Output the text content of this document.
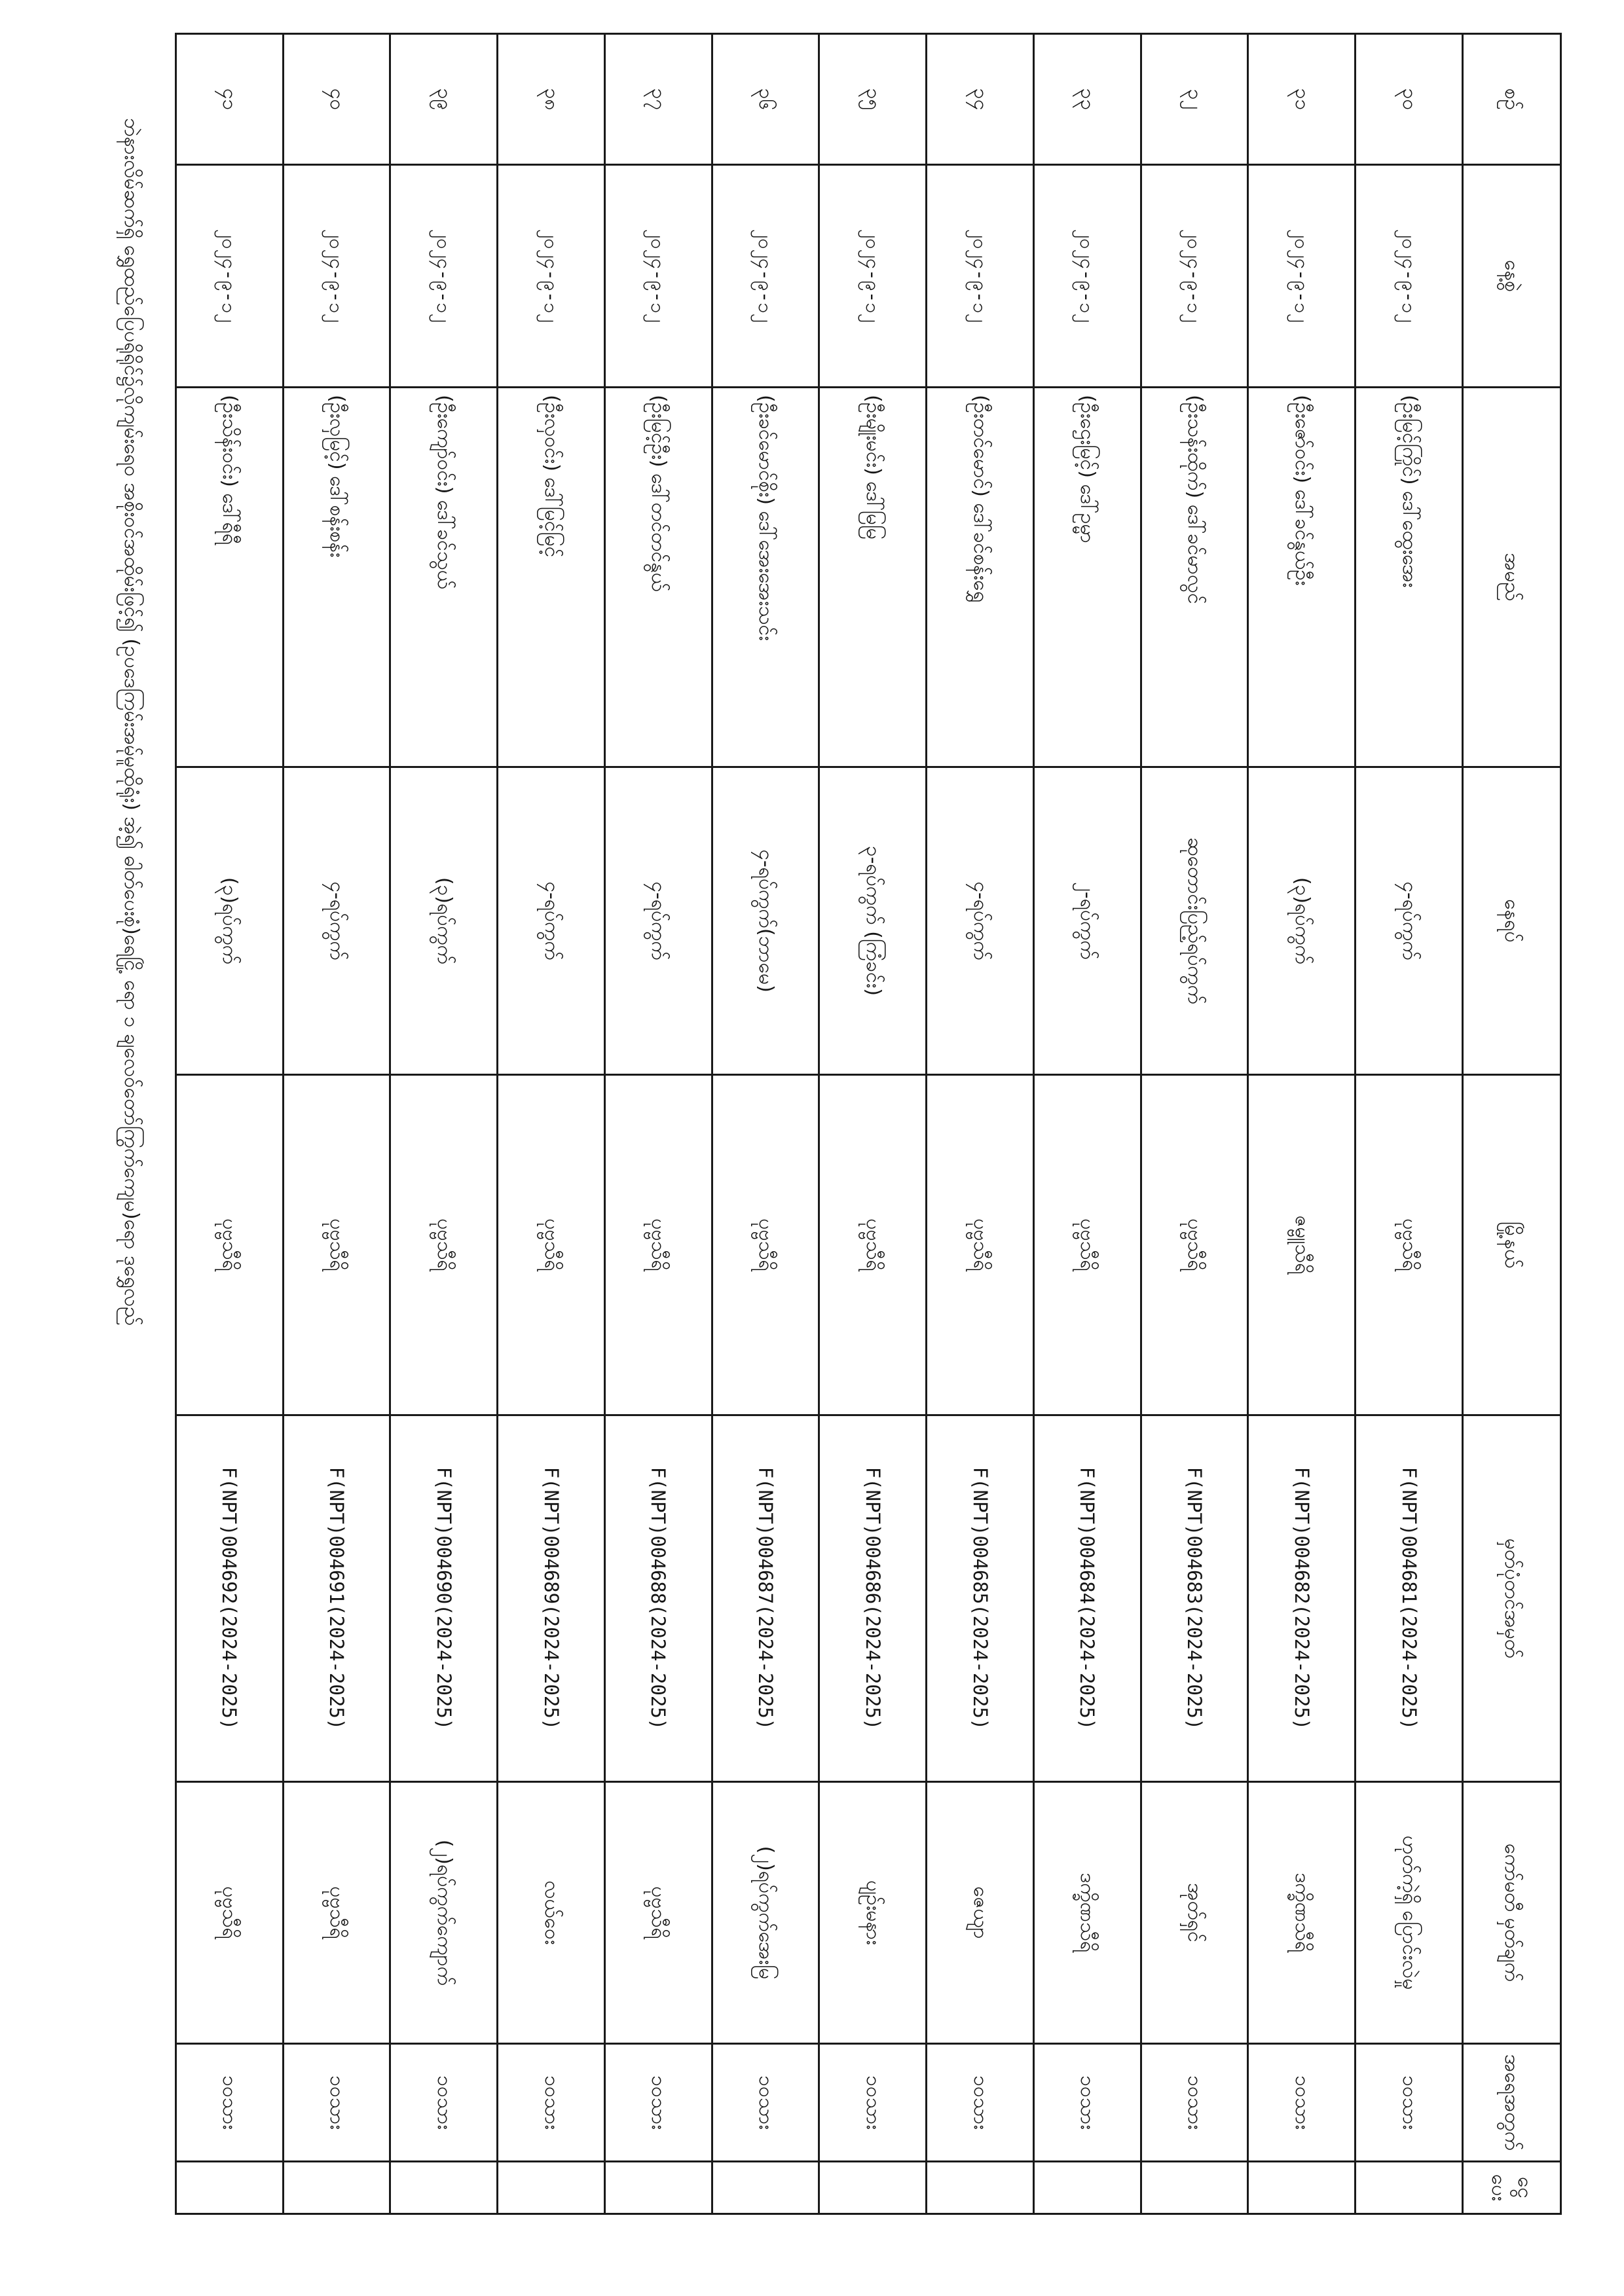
ဘဲနားလိမ်ဆက်ရှိ ရွှေထည်ပြေပရိုရိုင်၌လိုကျမ်းရေဝ အစိုးဝင်အထိုမ်းဖြင့်၍ (ဥပဒေကြမ်းအမ်ုမူထိုရုံး) အဲ့၍ ဓါတ်ပေးစုံ)ရေငြို့ ရော ၁ ချလေဝ်တော်ကြွက်ကျေမ)ရော ဒုရွှေလည်
စဉ်	နေ့စွဲ	အမည်	နေရပ်	မြို့နယ်	မှတ်ပုံတင်အမှတ်	ကော်မတီ မှတ်ချက်	အရေအတွက်	ငွေပေး
၃၀	၂၀၂၄-၉-၁၂	(ဦးမြင့်ကြိုင်) ဒေါ်ထွေးအေး	၄-ရပ်ကွက်	ပုဗ္ဗသီရိ	F(NPT)004681(2024-2025)	ဟုတ်ကဲ့ရှိ ပြောင်းလဲမှု	၁၀သား	
၃၁	၂၀၂၄-၉-၁၂	(ဦးဇော်ဝင်း) ဒေါ်ခင်နွယ်ဦး	(၃)ရပ်ကွက်	ဇမ္ဗူသီရိ	F(NPT)004682(2024-2025)	ဒက္ခိဏသီရိ	၁၀သား	
၃၂	၂၀၂၄-၉-၁၂	(ဦးသန်းထိုက်) ဒေါ်ခင်မာလွင်	ဆုတောင်းပြည့်ရပ်ကွက်	ပုဗ္ဗသီရိ	F(NPT)004683(2024-2025)	အုတ်ရှင်	၁၀သား	
၃၃	၂၀၂၄-၉-၁၂	(ဦးဌေးမြင့်) ဒေါ်ဥမ္မာ	၂-ရပ်ကွက်	ပုဗ္ဗသီရိ	F(NPT)004684(2024-2025)	ဒက္ခိဏသီရိ	၁၀သား	
၃၄	၂၀၂၄-၉-၁၂	(ဦးတင်မောင်) ဒေါ်ခင်စန်းရွှေ	၄-ရပ်ကွက်	ပုဗ္ဗသီရိ	F(NPT)004685(2024-2025)	ဇေယျာ	၁၀သား	
၃၅	၂၀၂၄-၉-၁၂	(ဦးမျိုးမင်း) ဒေါ်မြမြ	၃-ရပ်ကွက် (ကြံခင်း)	ပုဗ္ဗသီရိ	F(NPT)004686(2024-2025)	ပျဉ်းမနား	၁၀သား	
၃၆	၂၀၂၄-၉-၁၂	(ဦးခင်မောင်စိုး) ဒေါ်အေးအေးသင်း	၄-ရပ်ကွက်(ဘာမေ)	ပုဗ္ဗသီရိ	F(NPT)004687(2024-2025)	(၂)ရပ်ကွက်အေးမြ	၁၀သား	
၃၇	၂၀၂၄-၉-၁၂	(ဦးမြင့်ဦး) ဒေါ်တင်တင်နွယ်	၄-ရပ်ကွက်	ပုဗ္ဗသီရိ	F(NPT)004688(2024-2025)	ပုဗ္ဗသီရိ	၁၀သား	
၃၈	၂၀၂၄-၉-၁၂	(ဦးလှဝင်း) ဒေါ်မြင့်မြင့်	၄-ရပ်ကွက်	ပုဗ္ဗသီရိ	F(NPT)004689(2024-2025)	လယ်ဝေး	၁၀သား	
၃၉	၂၀၂၄-၉-၁၂	(ဦးကျော်ဝင်း) ဒေါ်ခင်သွယ်	(၃)ရပ်ကွက်	ပုဗ္ဗသီရိ	F(NPT)004690(2024-2025)	(၂)ရပ်ကွက်ကျောက်	၁၀သား	
၄၀	၂၀၂၄-၉-၁၂	(ဦးလှမြင့်) ဒေါ်စန်းစန်း	၄-ရပ်ကွက်	ပုဗ္ဗသီရိ	F(NPT)004691(2024-2025)	ပုဗ္ဗသီရိ	၁၀သား	
၄၁	၂၀၂၄-၉-၁၂	(ဦးသိန်းဝင်း) ဒေါ်ရီရီ	(၃)ရပ်ကွက်	ပုဗ္ဗသီရိ	F(NPT)004692(2024-2025)	ပုဗ္ဗသီရိ	၁၀သား	
